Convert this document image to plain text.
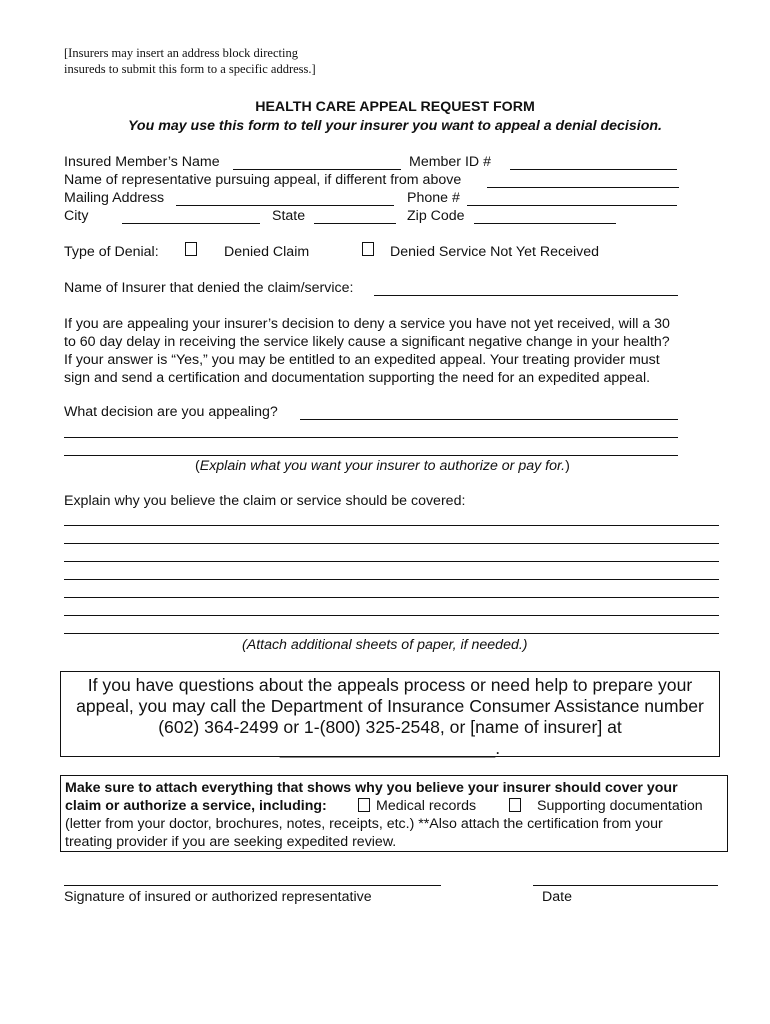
[Insurers may insert an address block directing
insureds to submit this form to a specific address.]
HEALTH CARE APPEAL REQUEST FORM
You may use this form to tell your insurer you want to appeal a denial decision.
Insured Member’s Name	Member ID #
Name of representative pursuing appeal, if different from above
Mailing Address	Phone #
City	State	Zip Code
Type of Denial:	Denied Claim	Denied Service Not Yet Received
Name of Insurer that denied the claim/service:
If you are appealing your insurer’s decision to deny a service you have not yet received, will a 30
to 60 day delay in receiving the service likely cause a significant negative change in your health?
If your answer is “Yes,” you may be entitled to an expedited appeal. Your treating provider must
sign and send a certification and documentation supporting the need for an expedited appeal.
What decision are you appealing?
(Explain what you want your insurer to authorize or pay for.)
Explain why you believe the claim or service should be covered:
(Attach additional sheets of paper, if needed.)
If you have questions about the appeals process or need help to prepare your
appeal, you may call the Department of Insurance Consumer Assistance number
(602) 364-2499 or 1-(800) 325-2548, or [name of insurer] at
______________________.
Make sure to attach everything that shows why you believe your insurer should cover your
claim or authorize a service, including:	Medical records	Supporting documentation
(letter from your doctor, brochures, notes, receipts, etc.) **Also attach the certification from your
treating provider if you are seeking expedited review.
Signature of insured or authorized representative	Date
